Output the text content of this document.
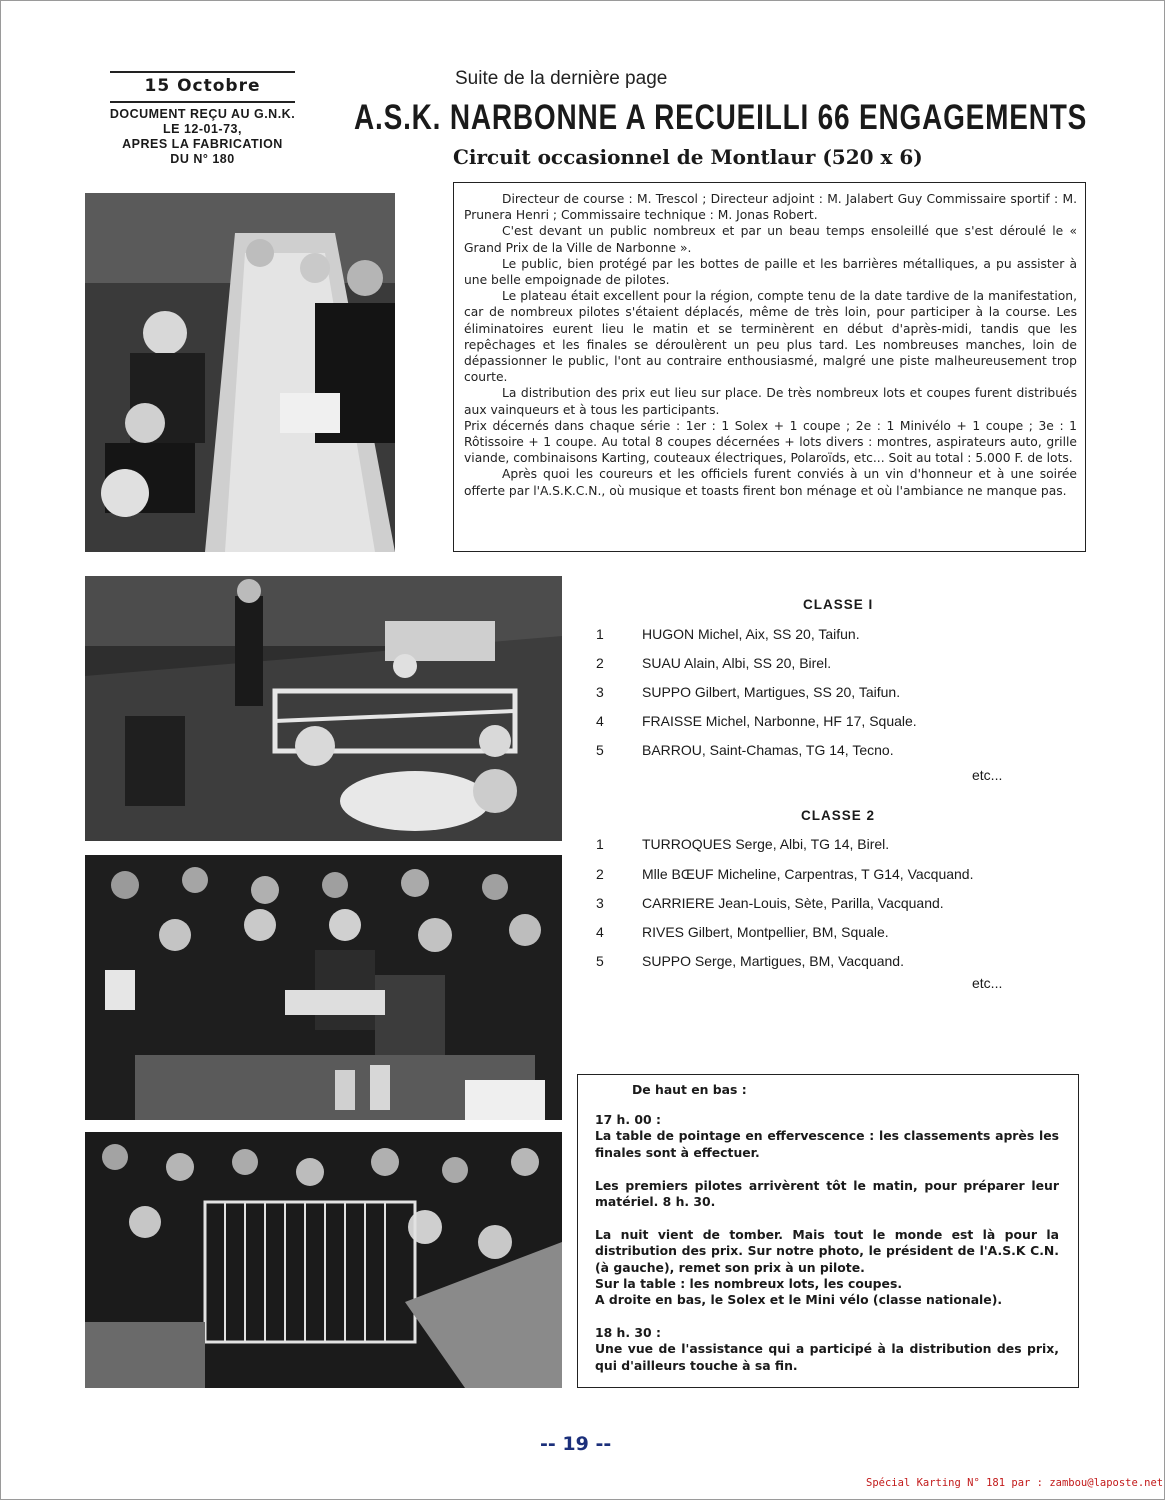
15 Octobre
DOCUMENT REÇU AU G.N.K.
LE 12-01-73,
APRES LA FABRICATION
DU N° 180
Suite de la dernière page
A.S.K. NARBONNE A RECUEILLI 66 ENGAGEMENTS
Circuit occasionnel de Montlaur (520 x 6)

Directeur de course : M. Trescol ; Directeur adjoint : M. Jalabert Guy Commissaire sportif : M. Prunera Henri ; Commissaire technique : M. Jonas Robert.

C'est devant un public nombreux et par un beau temps ensoleillé que s'est déroulé le « Grand Prix de la Ville de Narbonne ».

Le public, bien protégé par les bottes de paille et les barrières métalliques, a pu assister à une belle empoignade de pilotes.

Le plateau était excellent pour la région, compte tenu de la date tardive de la manifestation, car de nombreux pilotes s'étaient déplacés, même de très loin, pour participer à la course. Les éliminatoires eurent lieu le matin et se terminèrent en début d'après-midi, tandis que les repêchages et les finales se déroulèrent un peu plus tard. Les nombreuses manches, loin de dépassionner le public, l'ont au contraire enthousiasmé, malgré une piste malheureusement trop courte.

La distribution des prix eut lieu sur place. De très nombreux lots et coupes furent distribués aux vainqueurs et à tous les participants.

Prix décernés dans chaque série : 1er : 1 Solex + 1 coupe ; 2e : 1 Minivélo + 1 coupe ; 3e : 1 Rôtissoire + 1 coupe. Au total 8 coupes décernées + lots divers : montres, aspirateurs auto, grille viande, combinaisons Karting, couteaux électriques, Polaroïds, etc... Soit au total : 5.000 F. de lots.

Après quoi les coureurs et les officiels furent conviés à un vin d'honneur et à une soirée offerte par l'A.S.K.C.N., où musique et toasts firent bon ménage et où l'ambiance ne manque pas.

CLASSE I
1	HUGON Michel, Aix, SS 20, Taifun.
2	SUAU Alain, Albi, SS 20, Birel.
3	SUPPO Gilbert, Martigues, SS 20, Taifun.
4	FRAISSE Michel, Narbonne, HF 17, Squale.
5	BARROU, Saint-Chamas, TG 14, Tecno.
etc...
CLASSE 2
1	TURROQUES Serge, Albi, TG 14, Birel.
2	Mlle BŒUF Micheline, Carpentras, T G14, Vacquand.
3	CARRIERE Jean-Louis, Sète, Parilla, Vacquand.
4	RIVES Gilbert, Montpellier, BM, Squale.
5	SUPPO Serge, Martigues, BM, Vacquand.
etc...

De haut en bas :

17 h. 00 :

La table de pointage en effervescence : les classements après les finales sont à effectuer.

Les premiers pilotes arrivèrent tôt le matin, pour préparer leur matériel. 8 h. 30.

La nuit vient de tomber. Mais tout le monde est là pour la distribution des prix. Sur notre photo, le président de l'A.S.K C.N. (à gauche), remet son prix à un pilote.

Sur la table : les nombreux lots, les coupes.

A droite en bas, le Solex et le Mini vélo (classe nationale).

18 h. 30 :

Une vue de l'assistance qui a participé à la distribution des prix, qui d'ailleurs touche à sa fin.

-- 19 --
Spécial Karting N° 181 par : zambou@laposte.net
